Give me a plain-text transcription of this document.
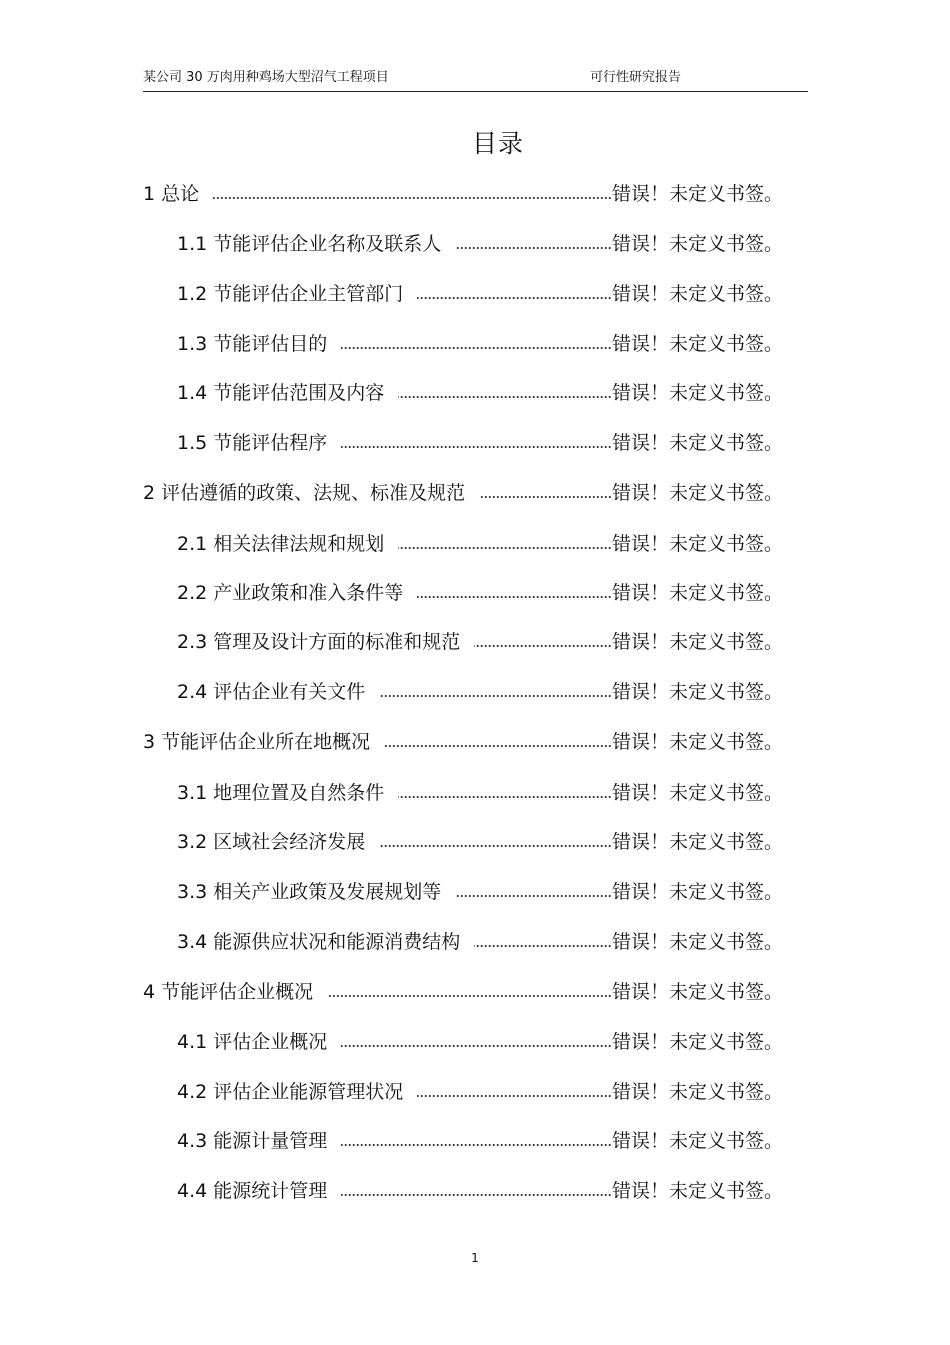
某公司 30 万肉用种鸡场大型沼气工程项目	可行性研究报告
目录
1 总论	错误！未定义书签。
1.1 节能评估企业名称及联系人	错误！未定义书签。
1.2 节能评估企业主管部门	错误！未定义书签。
1.3 节能评估目的	错误！未定义书签。
1.4 节能评估范围及内容	错误！未定义书签。
1.5 节能评估程序	错误！未定义书签。
2 评估遵循的政策、法规、标准及规范	错误！未定义书签。
2.1 相关法律法规和规划	错误！未定义书签。
2.2 产业政策和准入条件等	错误！未定义书签。
2.3 管理及设计方面的标准和规范	错误！未定义书签。
2.4 评估企业有关文件	错误！未定义书签。
3 节能评估企业所在地概况	错误！未定义书签。
3.1 地理位置及自然条件	错误！未定义书签。
3.2 区域社会经济发展	错误！未定义书签。
3.3 相关产业政策及发展规划等	错误！未定义书签。
3.4 能源供应状况和能源消费结构	错误！未定义书签。
4 节能评估企业概况	错误！未定义书签。
4.1 评估企业概况	错误！未定义书签。
4.2 评估企业能源管理状况	错误！未定义书签。
4.3 能源计量管理	错误！未定义书签。
4.4 能源统计管理	错误！未定义书签。
1
